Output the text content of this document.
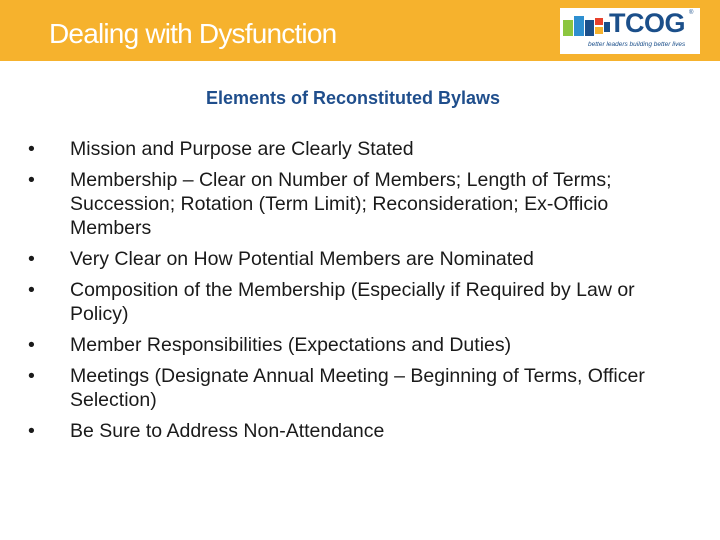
Dealing with Dysfunction	TCOG ®
better leaders building better lives
Elements of Reconstituted Bylaws
• Mission and Purpose are Clearly Stated
• Membership – Clear on Number of Members; Length of Terms; Succession; Rotation (Term Limit); Reconsideration; Ex-Officio Members
• Very Clear on How Potential Members are Nominated
• Composition of the Membership (Especially if Required by Law or Policy)
• Member Responsibilities (Expectations and Duties)
• Meetings (Designate Annual Meeting – Beginning of Terms, Officer Selection)
• Be Sure to Address Non-Attendance
